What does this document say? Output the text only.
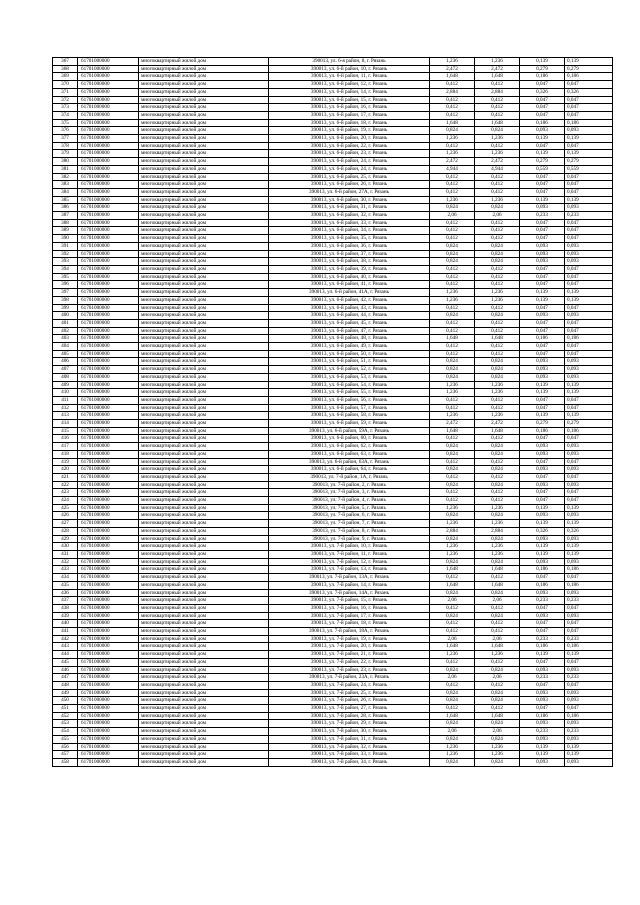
367	61701000000	многоквартирный жилой дом	390013, ул. 6-я район, 8, г. Рязань	1,236	1,236	0,139	0,139
368	61701000000	многоквартирный жилой дом	390013, ул. 6-й район, 10, г. Рязань	2,472	2,472	0,279	0,279
369	61701000000	многоквартирный жилой дом	390013, ул. 6-й район, 11, г. Рязань	1,648	1,648	0,186	0,186
370	61701000000	многоквартирный жилой дом	390013, ул. 6-й район, 12, г. Рязань	0,412	0,412	0,047	0,047
371	61701000000	многоквартирный жилой дом	390013, ул. 6-й район, 14, г. Рязань	2,884	2,884	0,326	0,326
372	61701000000	многоквартирный жилой дом	390013, ул. 6-й район, 15, г. Рязань	0,412	0,412	0,047	0,047
373	61701000000	многоквартирный жилой дом	390013, ул. 6-й район, 16, г. Рязань	0,412	0,412	0,047	0,047
374	61701000000	многоквартирный жилой дом	390013, ул. 6-й район, 17, г. Рязань	0,412	0,412	0,047	0,047
375	61701000000	многоквартирный жилой дом	390013, ул. 6-й район, 18, г. Рязань	1,648	1,648	0,186	0,186
376	61701000000	многоквартирный жилой дом	390013, ул. 6-й район, 19, г. Рязань	0,824	0,824	0,093	0,093
377	61701000000	многоквартирный жилой дом	390013, ул. 6-й район, 20, г. Рязань	1,236	1,236	0,139	0,139
378	61701000000	многоквартирный жилой дом	390013, ул. 6-й район, 22, г. Рязань	0,412	0,412	0,047	0,047
379	61701000000	многоквартирный жилой дом	390013, ул. 6-й район, 23, г. Рязань	1,236	1,236	0,139	0,139
380	61701000000	многоквартирный жилой дом	390013, ул. 6-й район, 24, г. Рязань	2,472	2,472	0,279	0,279
381	61701000000	многоквартирный жилой дом	390013, ул. 6-й район, 24, г. Рязань	4,944	4,944	0,559	0,559
382	61701000000	многоквартирный жилой дом	390013, ул. 6-й район, 25, г. Рязань	0,412	0,412	0,047	0,047
383	61701000000	многоквартирный жилой дом	390013, ул. 6-й район, 26, г. Рязань	0,412	0,412	0,047	0,047
384	61701000000	многоквартирный жилой дом	390013, ул. 6-й район, 27А, г. Рязань	0,412	0,412	0,047	0,047
385	61701000000	многоквартирный жилой дом	390013, ул. 6-й район, 30, г. Рязань	1,236	1,236	0,139	0,139
386	61701000000	многоквартирный жилой дом	390013, ул. 6-й район, 31, г. Рязань	0,824	0,824	0,093	0,093
387	61701000000	многоквартирный жилой дом	390013, ул. 6-й район, 32, г. Рязань	2,06	2,06	0,233	0,233
388	61701000000	многоквартирный жилой дом	390013, ул. 6-й район, 33, г. Рязань	0,412	0,412	0,047	0,047
389	61701000000	многоквартирный жилой дом	390013, ул. 6-й район, 34, г. Рязань	0,412	0,412	0,047	0,047
390	61701000000	многоквартирный жилой дом	390013, ул. 6-й район, 35, г. Рязань	0,412	0,412	0,047	0,047
391	61701000000	многоквартирный жилой дом	390013, ул. 6-й район, 36, г. Рязань	0,824	0,824	0,093	0,093
392	61701000000	многоквартирный жилой дом	390013, ул. 6-й район, 37, г. Рязань	0,824	0,824	0,093	0,093
393	61701000000	многоквартирный жилой дом	390013, ул. 6-й район, 38, г. Рязань	0,824	0,824	0,093	0,093
394	61701000000	многоквартирный жилой дом	390013, ул. 6-й район, 39, г. Рязань	0,412	0,412	0,047	0,047
395	61701000000	многоквартирный жилой дом	390013, ул. 6-й район, 40, г. Рязань	0,412	0,412	0,047	0,047
396	61701000000	многоквартирный жилой дом	390013, ул. 6-й район, 41, г. Рязань	0,412	0,412	0,047	0,047
397	61701000000	многоквартирный жилой дом	390013, ул. 6-й район, 41А, г. Рязань	1,236	1,236	0,139	0,139
398	61701000000	многоквартирный жилой дом	390013, ул. 6-й район, 42, г. Рязань	1,236	1,236	0,139	0,139
399	61701000000	многоквартирный жилой дом	390013, ул. 6-й район, 43, г. Рязань	0,412	0,412	0,047	0,047
400	61701000000	многоквартирный жилой дом	390013, ул. 6-й район, 44, г. Рязань	0,824	0,824	0,093	0,093
401	61701000000	многоквартирный жилой дом	390013, ул. 6-й район, 45, г. Рязань	0,412	0,412	0,047	0,047
402	61701000000	многоквартирный жилой дом	390013, ул. 6-й район, 47, г. Рязань	0,412	0,412	0,047	0,047
403	61701000000	многоквартирный жилой дом	390013, ул. 6-й район, 48, г. Рязань	1,648	1,648	0,186	0,186
404	61701000000	многоквартирный жилой дом	390013, ул. 6-й район, 49, г. Рязань	0,412	0,412	0,047	0,047
405	61701000000	многоквартирный жилой дом	390013, ул. 6-й район, 50, г. Рязань	0,412	0,412	0,047	0,047
406	61701000000	многоквартирный жилой дом	390013, ул. 6-й район, 51, г. Рязань	0,824	0,824	0,093	0,093
407	61701000000	многоквартирный жилой дом	390013, ул. 6-й район, 52, г. Рязань	0,824	0,824	0,093	0,093
408	61701000000	многоквартирный жилой дом	390013, ул. 6-й район, 53, г. Рязань	0,824	0,824	0,093	0,093
409	61701000000	многоквартирный жилой дом	390013, ул. 6-й район, 54, г. Рязань	1,236	1,236	0,139	0,139
410	61701000000	многоквартирный жилой дом	390013, ул. 6-й район, 55, г. Рязань	1,236	1,236	0,139	0,139
411	61701000000	многоквартирный жилой дом	390013, ул. 6-й район, 56, г. Рязань	0,412	0,412	0,047	0,047
412	61701000000	многоквартирный жилой дом	390013, ул. 6-й район, 57, г. Рязань	0,412	0,412	0,047	0,047
413	61701000000	многоквартирный жилой дом	390013, ул. 6-й район, 58, г. Рязань	1,236	1,236	0,139	0,139
414	61701000000	многоквартирный жилой дом	390013, ул. 6-й район, 59, г. Рязань	2,472	2,472	0,279	0,279
415	61701000000	многоквартирный жилой дом	390013, ул. 6-й район, 59А, г. Рязань	1,648	1,648	0,186	0,186
416	61701000000	многоквартирный жилой дом	390013, ул. 6-й район, 60, г. Рязань	0,412	0,412	0,047	0,047
417	61701000000	многоквартирный жилой дом	390013, ул. 6-й район, 62, г. Рязань	0,824	0,824	0,093	0,093
418	61701000000	многоквартирный жилой дом	390013, ул. 6-й район, 63, г. Рязань	0,824	0,824	0,093	0,093
419	61701000000	многоквартирный жилой дом	390013, ул. 6-й район, 63А, г. Рязань	0,412	0,412	0,047	0,047
420	61701000000	многоквартирный жилой дом	390013, ул. 6-й район, 64, г. Рязань	0,824	0,824	0,093	0,093
421	61701000000	многоквартирный жилой дом	390013, ул. 7-й район, 1А, г. Рязань	0,412	0,412	0,047	0,047
422	61701000000	многоквартирный жилой дом	390013, ул. 7-й район, 2, г. Рязань	0,824	0,824	0,093	0,093
423	61701000000	многоквартирный жилой дом	390013, ул. 7-й район, 3, г. Рязань	0,412	0,412	0,047	0,047
424	61701000000	многоквартирный жилой дом	390013, ул. 7-й район, 4, г. Рязань	0,412	0,412	0,047	0,047
425	61701000000	многоквартирный жилой дом	390013, ул. 7-й район, 5, г. Рязань	1,236	1,236	0,139	0,139
426	61701000000	многоквартирный жилой дом	390013, ул. 7-й район, 6, г. Рязань	0,824	0,824	0,093	0,093
427	61701000000	многоквартирный жилой дом	390013, ул. 7-й район, 7, г. Рязань	1,236	1,236	0,139	0,139
428	61701000000	многоквартирный жилой дом	390013, ул. 7-й район, 8, г. Рязань	2,884	2,884	0,326	0,326
429	61701000000	многоквартирный жилой дом	390013, ул. 7-й район, 9, г. Рязань	0,824	0,824	0,093	0,093
430	61701000000	многоквартирный жилой дом	390013, ул. 7-й район, 10, г. Рязань	1,236	1,236	0,139	0,139
431	61701000000	многоквартирный жилой дом	390013, ул. 7-й район, 11, г. Рязань	1,236	1,236	0,139	0,139
432	61701000000	многоквартирный жилой дом	390013, ул. 7-й район, 12, г. Рязань	0,824	0,824	0,093	0,093
433	61701000000	многоквартирный жилой дом	390013, ул. 7-й район, 13, г. Рязань	1,648	1,648	0,186	0,186
434	61701000000	многоквартирный жилой дом	390013, ул. 7-й район, 13А, г. Рязань	0,412	0,412	0,047	0,047
435	61701000000	многоквартирный жилой дом	390013, ул. 7-й район, 14, г. Рязань	1,648	1,648	0,186	0,186
436	61701000000	многоквартирный жилой дом	390013, ул. 7-й район, 14А, г. Рязань	0,824	0,824	0,093	0,093
437	61701000000	многоквартирный жилой дом	390013, ул. 7-й район, 15, г. Рязань	2,06	2,06	0,233	0,233
438	61701000000	многоквартирный жилой дом	390013, ул. 7-й район, 16, г. Рязань	0,412	0,412	0,047	0,047
439	61701000000	многоквартирный жилой дом	390013, ул. 7-й район, 17, г. Рязань	0,824	0,824	0,093	0,093
440	61701000000	многоквартирный жилой дом	390013, ул. 7-й район, 18, г. Рязань	0,412	0,412	0,047	0,047
441	61701000000	многоквартирный жилой дом	390013, ул. 7-й район, 18А, г. Рязань	0,412	0,412	0,047	0,047
442	61701000000	многоквартирный жилой дом	390013, ул. 7-й район, 19, г. Рязань	2,06	2,06	0,233	0,233
443	61701000000	многоквартирный жилой дом	390013, ул. 7-й район, 20, г. Рязань	1,648	1,648	0,186	0,186
444	61701000000	многоквартирный жилой дом	390013, ул. 7-й район, 21, г. Рязань	1,236	1,236	0,139	0,139
445	61701000000	многоквартирный жилой дом	390013, ул. 7-й район, 22, г. Рязань	0,412	0,412	0,047	0,047
446	61701000000	многоквартирный жилой дом	390013, ул. 7-й район, 23, г. Рязань	0,824	0,824	0,093	0,093
447	61701000000	многоквартирный жилой дом	390013, ул. 7-й район, 23А, г. Рязань	2,06	2,06	0,233	0,233
448	61701000000	многоквартирный жилой дом	390013, ул. 7-й район, 24, г. Рязань	0,412	0,412	0,047	0,047
449	61701000000	многоквартирный жилой дом	390013, ул. 7-й район, 25, г. Рязань	0,824	0,824	0,093	0,093
450	61701000000	многоквартирный жилой дом	390013, ул. 7-й район, 26, г. Рязань	0,824	0,824	0,093	0,093
451	61701000000	многоквартирный жилой дом	390013, ул. 7-й район, 27, г. Рязань	0,412	0,412	0,047	0,047
452	61701000000	многоквартирный жилой дом	390013, ул. 7-й район, 28, г. Рязань	1,648	1,648	0,186	0,186
453	61701000000	многоквартирный жилой дом	390013, ул. 7-й район, 29, г. Рязань	0,824	0,824	0,093	0,093
454	61701000000	многоквартирный жилой дом	390013, ул. 7-й район, 30, г. Рязань	2,06	2,06	0,233	0,233
455	61701000000	многоквартирный жилой дом	390013, ул. 7-й район, 31, г. Рязань	0,824	0,824	0,093	0,093
456	61701000000	многоквартирный жилой дом	390013, ул. 7-й район, 32, г. Рязань	1,236	1,236	0,139	0,139
457	61701000000	многоквартирный жилой дом	390013, ул. 7-й район, 33, г. Рязань	1,236	1,236	0,139	0,139
458	61701000000	многоквартирный жилой дом	390013, ул. 7-й район, 34, г. Рязань	0,824	0,824	0,093	0,093
